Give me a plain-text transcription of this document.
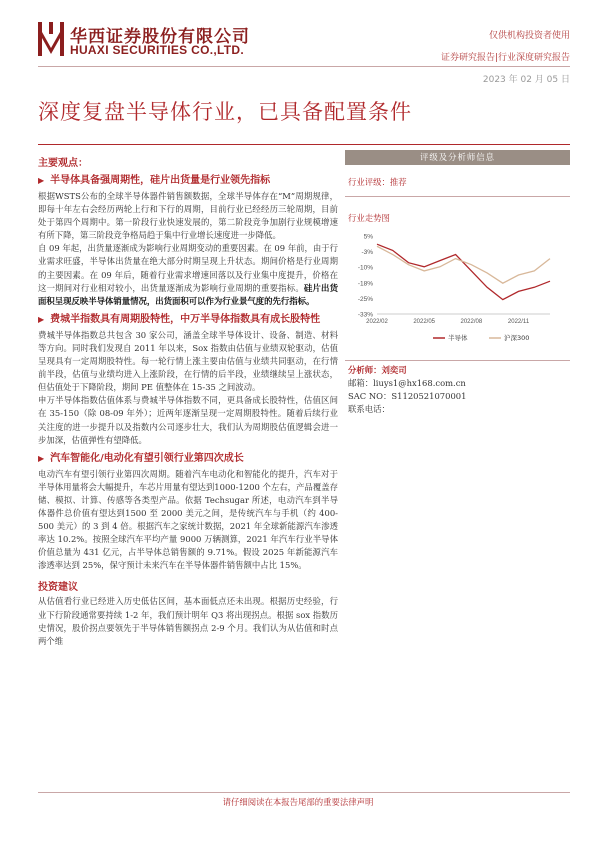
华西证券股份有限公司
HUAXI SECURITIES CO.,LTD.
仅供机构投资者使用
证券研究报告|行业深度研究报告
2023 年 02 月 05 日
深度复盘半导体行业，已具备配置条件
主要观点：
▶ 半导体具备强周期性，硅片出货量是行业领先指标

根据WSTS公布的全球半导体器件销售额数据，全球半导体存在“M”周期规律，即每十年左右会经历两轮上行和下行的周期，目前行业已经经历三轮周期，目前处于第四个周期中。第一阶段行业快速发展的，第二阶段竞争加剧行业规模增速有所下降，第三阶段竞争格局趋于集中行业增长速度进一步降低。

自 09 年起，出货量逐渐成为影响行业周期变动的重要因素。在 09 年前，由于行业需求旺盛，半导体出货量在绝大部分时期呈现上升状态。期间价格是行业周期的主要因素。在 09 年后，随着行业需求增速回落以及行业集中度提升，价格在这一期间对行业相对较小，出货量逐渐成为影响行业周期的重要指标。硅片出货面积呈现反映半导体销量情况，出货面积可以作为行业景气度的先行指标。

▶ 费城半指数具有周期股特性，中万半导体指数具有成长股特性

费城半导体指数总共包含 30 家公司，涵盖全球半导体设计、设备、制造、材料等方向。同时我们发现自 2011 年以来，Sox 指数由估值与业绩双轮驱动，估值呈现具有一定周期股特性。每一轮行情上涨主要由估值与业绩共同驱动，在行情前半段，估值与业绩均进入上涨阶段，在行情的后半段，业绩继续呈上涨状态，但估值处于下降阶段，期间 PE 值整体在 15-35 之间波动。

申万半导体指数估值体系与费城半导体指数不同，更具备成长股特性，估值区间在 35-150（除 08-09 年外）；近两年逐渐呈现一定周期股特性。随着后续行业关注度的进一步提升以及指数内公司逐步壮大，我们认为周期股估值逻辑会进一步加深，估值弹性有望降低。

▶ 汽车智能化/电动化有望引领行业第四次成长

电动汽车有望引领行业第四次周期。随着汽车电动化和智能化的提升，汽车对于半导体用量将会大幅提升，车芯片用量有望达到1000-1200 个左右，产品覆盖存储、模拟、计算、传感等各类型产品。依据 Techsugar 所述，电动汽车到半导体器件总价值有望达到1500 至 2000 美元之间，是传统汽车与手机（约 400-500 美元）的 3 到 4 倍。根据汽车之家统计数据，2021 年全球新能源汽车渗透率达 10.2%。按照全球汽车平均产量 9000 万辆测算，2021 年汽车行业半导体价值总量为 431 亿元，占半导体总销售额的 9.71%。假设 2025 年新能源汽车渗透率达到 25%，保守预计未来汽车在半导体器件销售额中占比 15%。

投资建议

从估值看行业已经进入历史低估区间，基本面低点还未出现。根据历史经验，行业下行阶段通常要持续 1-2 年，我们预计明年 Q3 将出现拐点。根据 sox 指数历史情况，股价拐点要领先于半导体销售额拐点 2-9 个月。我们认为从估值和时点两个维

评级及分析师信息
行业评级：推荐
行业走势图
5%
-3%
-10%
-18%
-25%
-33%
2022/02	2022/05	2022/08	2022/11
半导体	沪深300
分析师：刘奕司
邮箱：liuys1@hx168.com.cn
SAC NO：S1120521070001
联系电话：
请仔细阅读在本报告尾部的重要法律声明
